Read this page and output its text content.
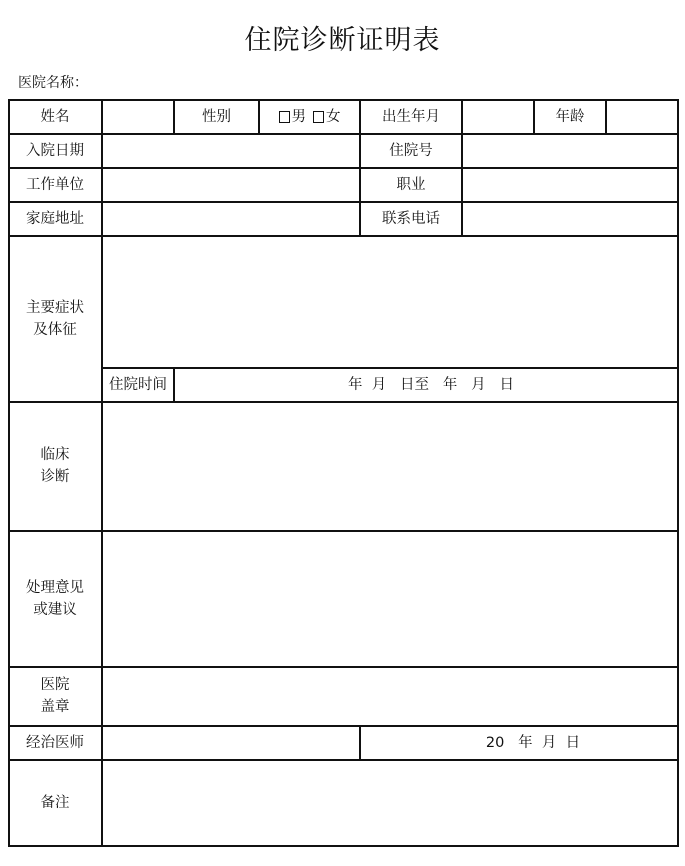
住院诊断证明表
医院名称：
姓名	性别	男 女	出生年月	年龄
入院日期	住院号
工作单位	职业
家庭地址	联系电话
主要症状
及体征
住院时间	年  月   日至   年   月   日
临床
诊断
处理意见
或建议
医院
盖章
经治医师	20   年  月  日
备注
